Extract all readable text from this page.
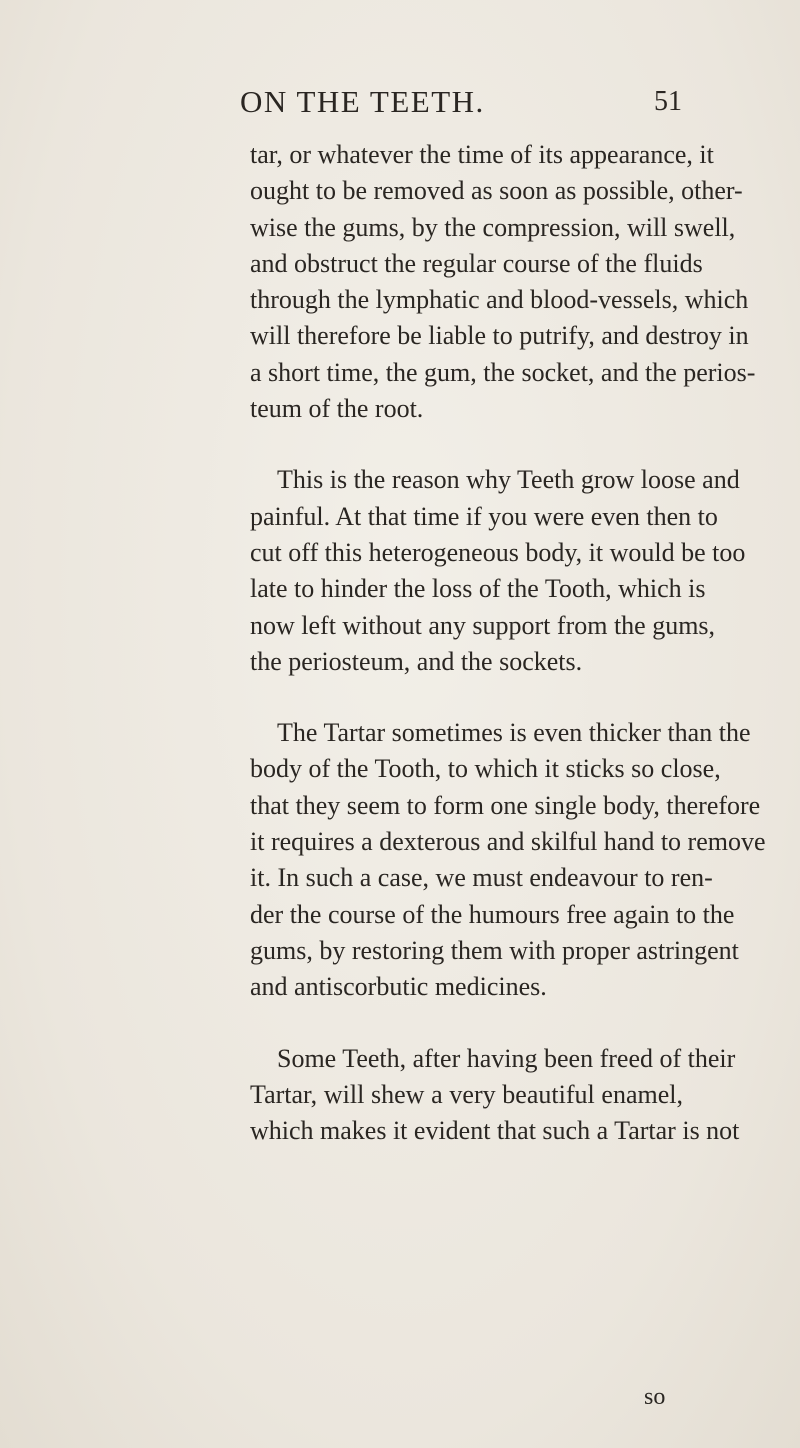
ON THE TEETH.	51
tar, or whatever the time of its appearance, it
ought to be removed as soon as possible, other-
wise the gums, by the compression, will swell,
and obstruct the regular course of the fluids
through the lymphatic and blood-vessels, which
will therefore be liable to putrify, and destroy in
a short time, the gum, the socket, and the perios-
teum of the root.
This is the reason why Teeth grow loose and
painful. At that time if you were even then to
cut off this heterogeneous body, it would be too
late to hinder the loss of the Tooth, which is
now left without any support from the gums,
the periosteum, and the sockets.
The Tartar sometimes is even thicker than the
body of the Tooth, to which it sticks so close,
that they seem to form one single body, therefore
it requires a dexterous and skilful hand to remove
it. In such a case, we must endeavour to ren-
der the course of the humours free again to the
gums, by restoring them with proper astringent
and antiscorbutic medicines.
Some Teeth, after having been freed of their
Tartar, will shew a very beautiful enamel,
which makes it evident that such a Tartar is not
so
